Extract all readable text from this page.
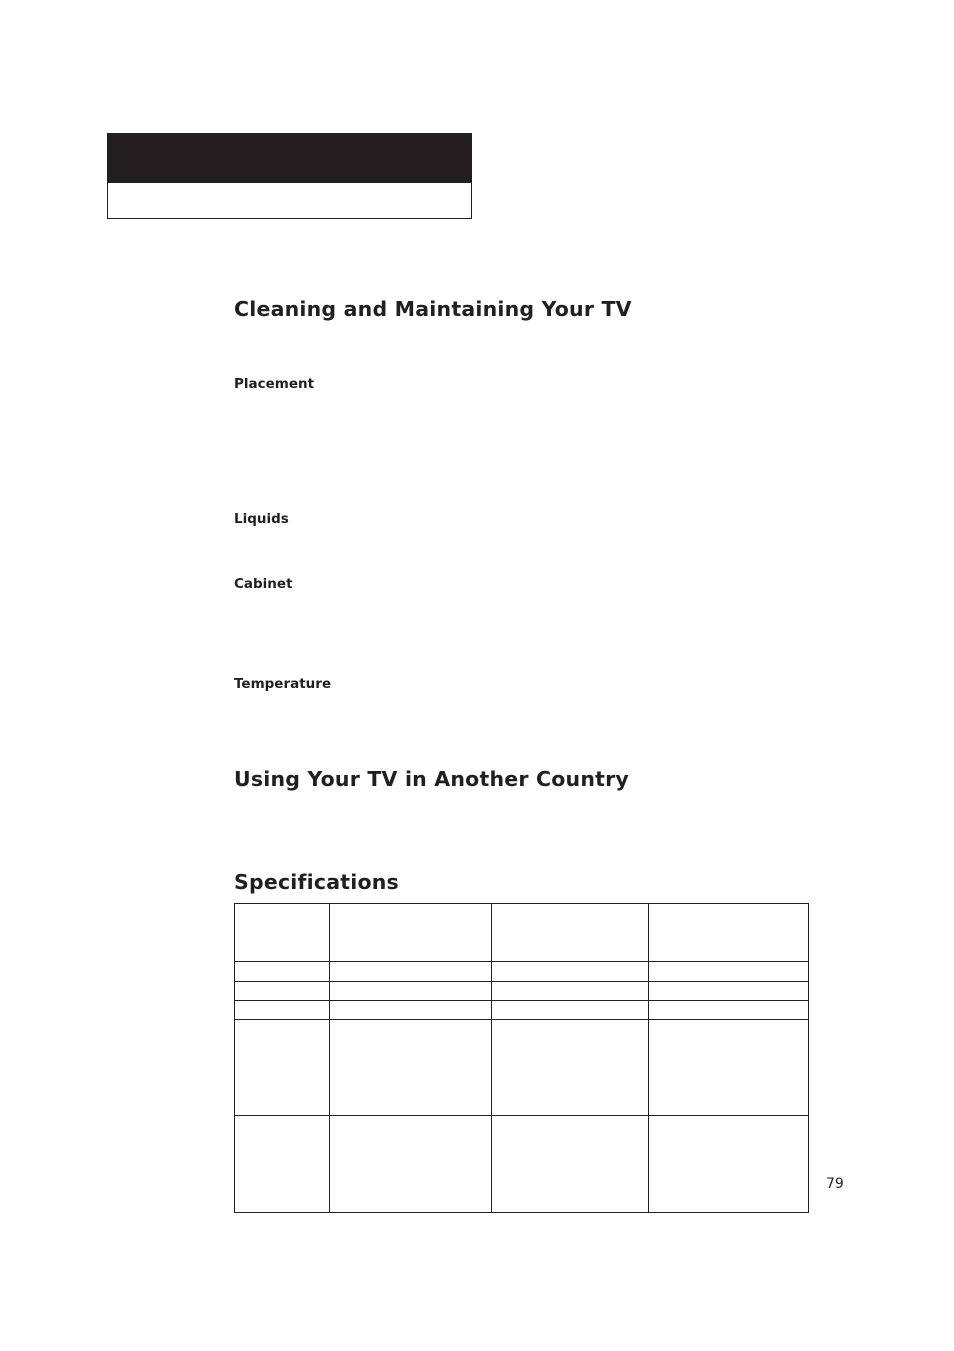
Cleaning and Maintaining Your TV
Placement
Liquids
Cabinet
Temperature
Using Your TV in Another Country
Specifications

79
